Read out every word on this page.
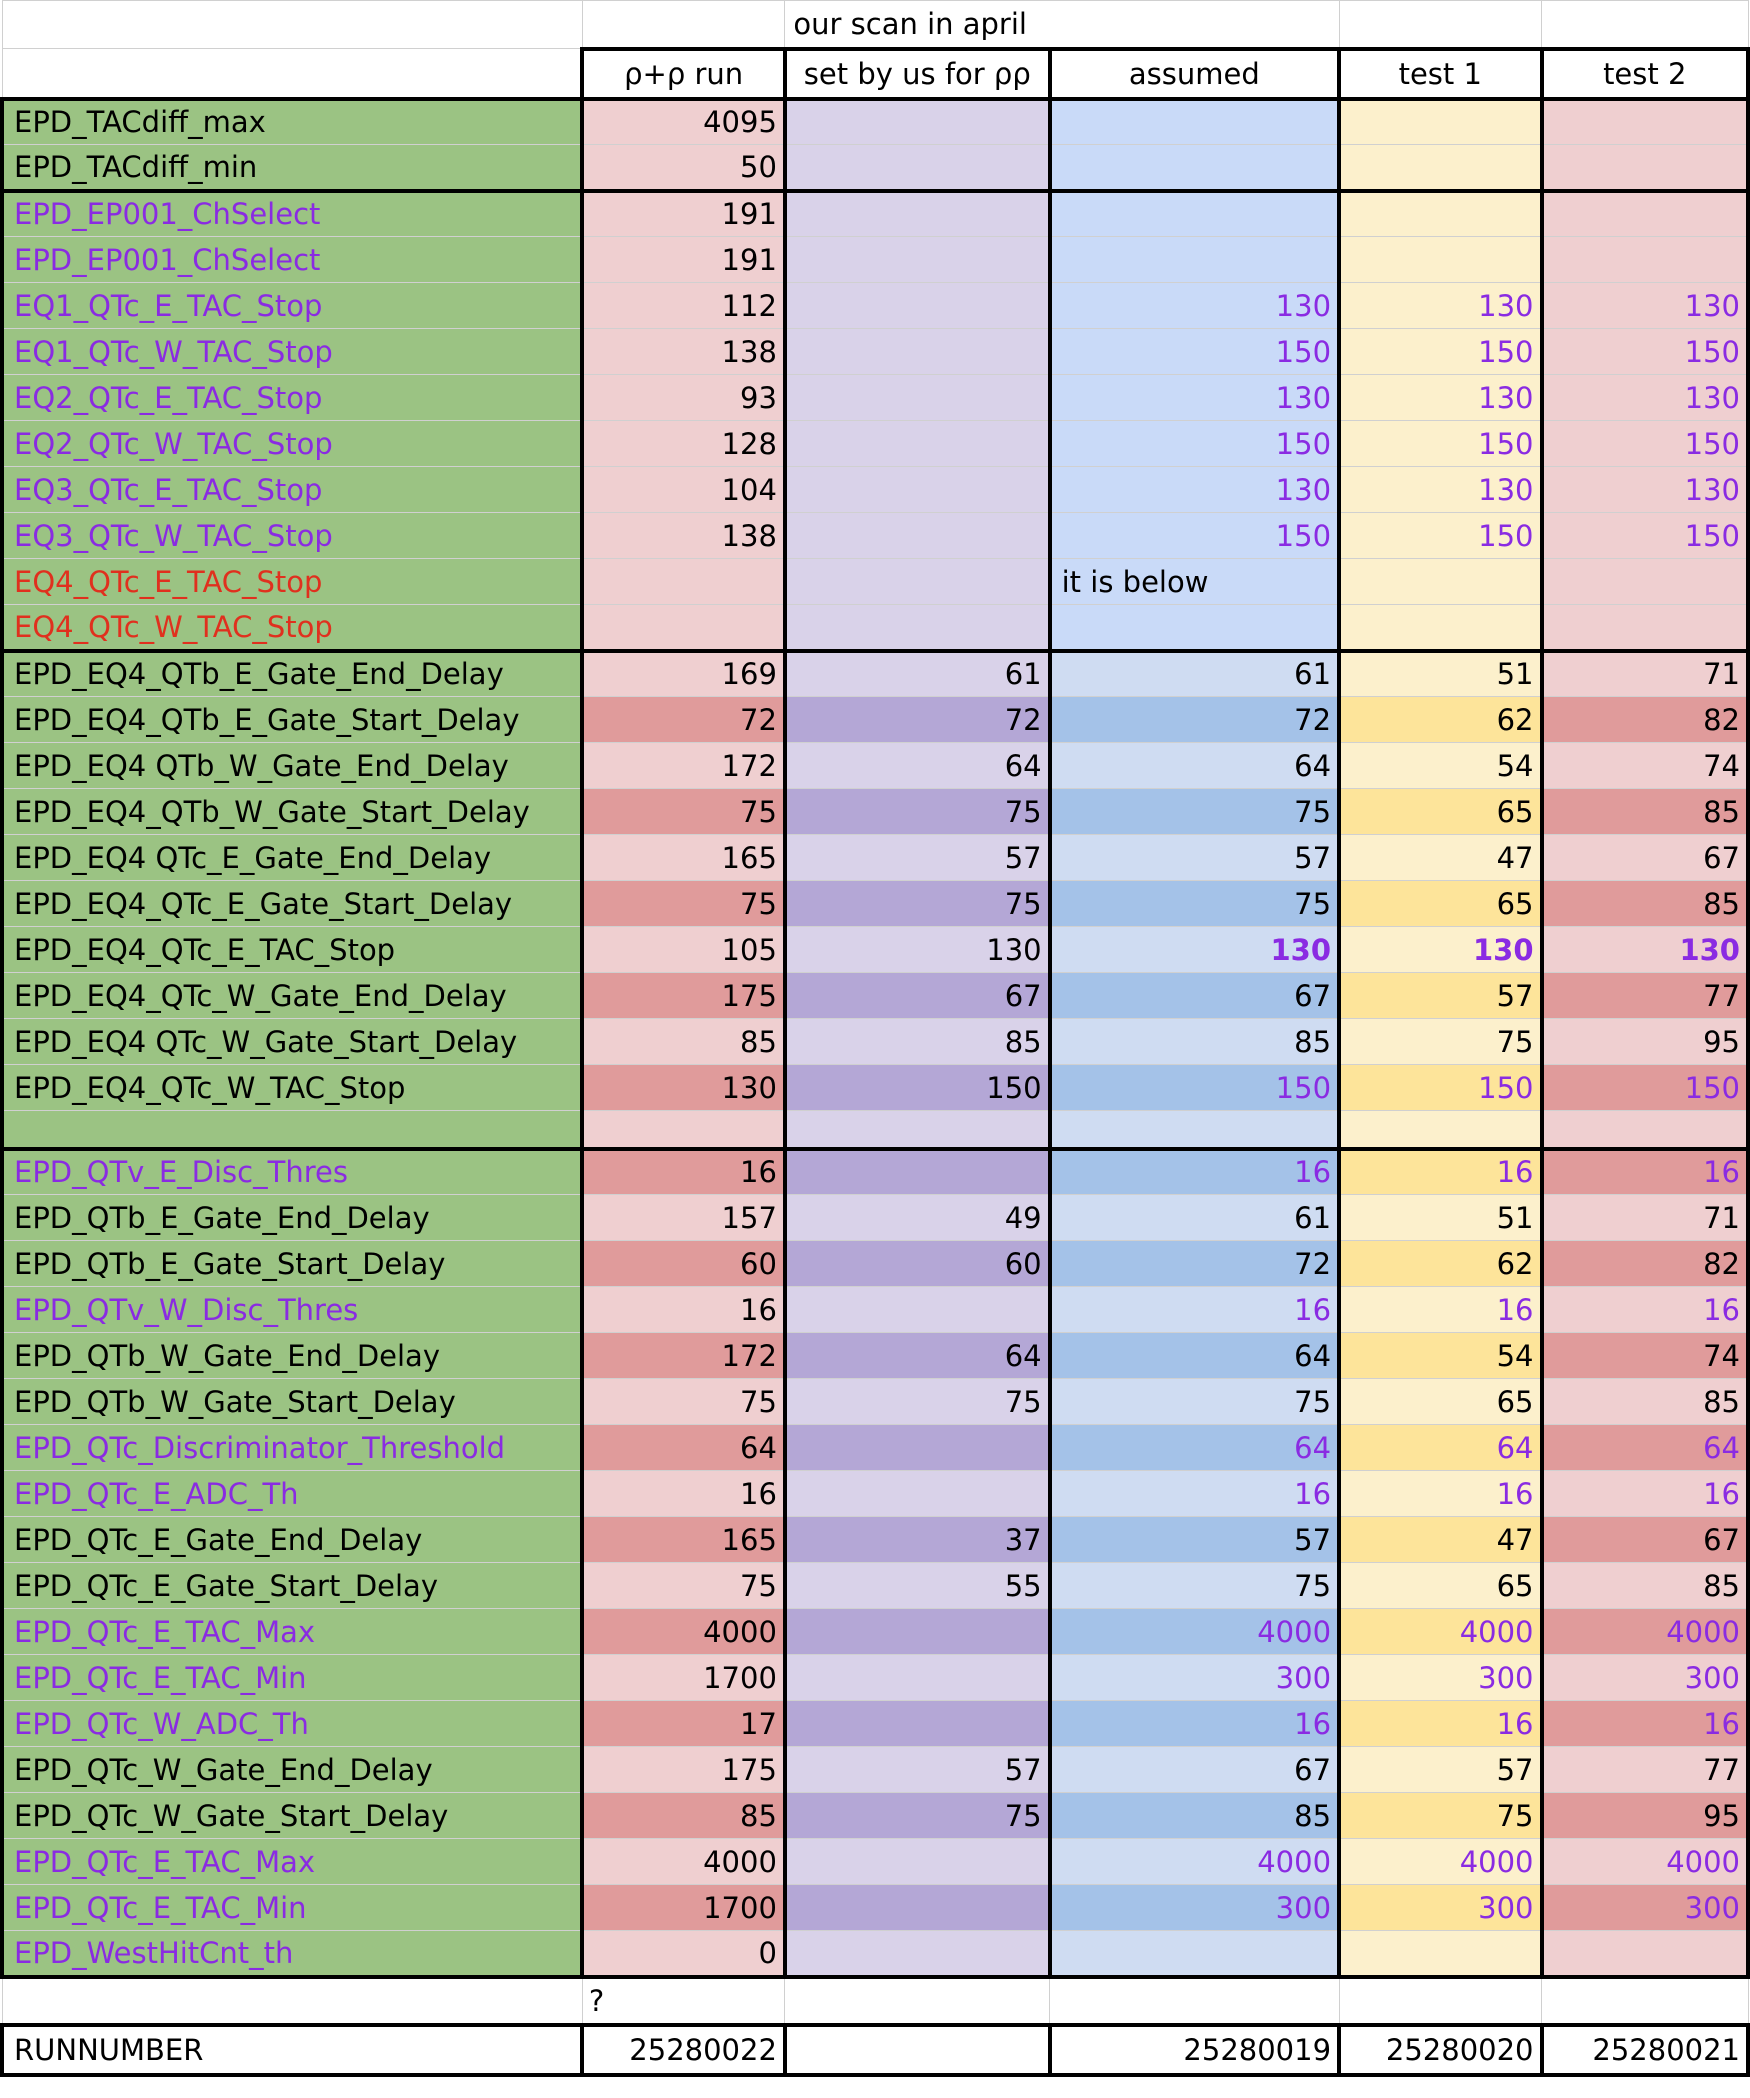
		our scan in april			
	ρ+ρ run	set by us for ρρ	assumed	test 1	test 2
EPD_TACdiff_max	4095				
EPD_TACdiff_min	50				
EPD_EP001_ChSelect	191				
EPD_EP001_ChSelect	191				
EQ1_QTc_E_TAC_Stop	112		130	130	130
EQ1_QTc_W_TAC_Stop	138		150	150	150
EQ2_QTc_E_TAC_Stop	93		130	130	130
EQ2_QTc_W_TAC_Stop	128		150	150	150
EQ3_QTc_E_TAC_Stop	104		130	130	130
EQ3_QTc_W_TAC_Stop	138		150	150	150
EQ4_QTc_E_TAC_Stop			it is below		
EQ4_QTc_W_TAC_Stop					
EPD_EQ4_QTb_E_Gate_End_Delay	169	61	61	51	71
EPD_EQ4_QTb_E_Gate_Start_Delay	72	72	72	62	82
EPD_EQ4 QTb_W_Gate_End_Delay	172	64	64	54	74
EPD_EQ4_QTb_W_Gate_Start_Delay	75	75	75	65	85
EPD_EQ4 QTc_E_Gate_End_Delay	165	57	57	47	67
EPD_EQ4_QTc_E_Gate_Start_Delay	75	75	75	65	85
EPD_EQ4_QTc_E_TAC_Stop	105	130	130	130	130
EPD_EQ4_QTc_W_Gate_End_Delay	175	67	67	57	77
EPD_EQ4 QTc_W_Gate_Start_Delay	85	85	85	75	95
EPD_EQ4_QTc_W_TAC_Stop	130	150	150	150	150

EPD_QTv_E_Disc_Thres	16		16	16	16
EPD_QTb_E_Gate_End_Delay	157	49	61	51	71
EPD_QTb_E_Gate_Start_Delay	60	60	72	62	82
EPD_QTv_W_Disc_Thres	16		16	16	16
EPD_QTb_W_Gate_End_Delay	172	64	64	54	74
EPD_QTb_W_Gate_Start_Delay	75	75	75	65	85
EPD_QTc_Discriminator_Threshold	64		64	64	64
EPD_QTc_E_ADC_Th	16		16	16	16
EPD_QTc_E_Gate_End_Delay	165	37	57	47	67
EPD_QTc_E_Gate_Start_Delay	75	55	75	65	85
EPD_QTc_E_TAC_Max	4000		4000	4000	4000
EPD_QTc_E_TAC_Min	1700		300	300	300
EPD_QTc_W_ADC_Th	17		16	16	16
EPD_QTc_W_Gate_End_Delay	175	57	67	57	77
EPD_QTc_W_Gate_Start_Delay	85	75	85	75	95
EPD_QTc_E_TAC_Max	4000		4000	4000	4000
EPD_QTc_E_TAC_Min	1700		300	300	300
EPD_WestHitCnt_th	0				
	?				
RUNNUMBER	25280022		25280019	25280020	25280021
